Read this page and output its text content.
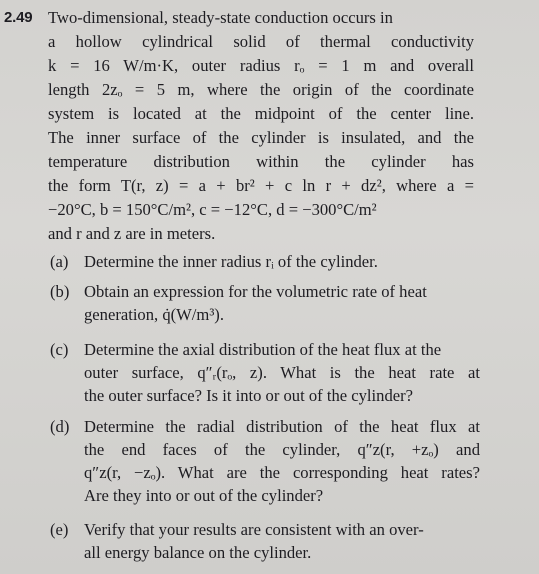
2.49 Two-dimensional, steady-state conduction occurs in
a hollow cylindrical solid of thermal conductivity
k = 16 W/m·K, outer radius rₒ = 1 m and overall
length 2zₒ = 5 m, where the origin of the coordinate
system is located at the midpoint of the center line.
The inner surface of the cylinder is insulated, and the
temperature distribution within the cylinder has
the form T(r, z) = a + br² + c ln r + dz², where a =
−20°C, b = 150°C/m², c = −12°C, d = −300°C/m²
and r and z are in meters.
(a) Determine the inner radius rᵢ of the cylinder.
(b) Obtain an expression for the volumetric rate of heat
generation, q̇(W/m³).
(c) Determine the axial distribution of the heat flux at the
outer surface, q″ᵣ(rₒ, z). What is the heat rate at
the outer surface? Is it into or out of the cylinder?
(d) Determine the radial distribution of the heat flux at
the end faces of the cylinder, q″z(r, +zₒ) and
q″z(r, −zₒ). What are the corresponding heat rates?
Are they into or out of the cylinder?
(e) Verify that your results are consistent with an over-
all energy balance on the cylinder.
